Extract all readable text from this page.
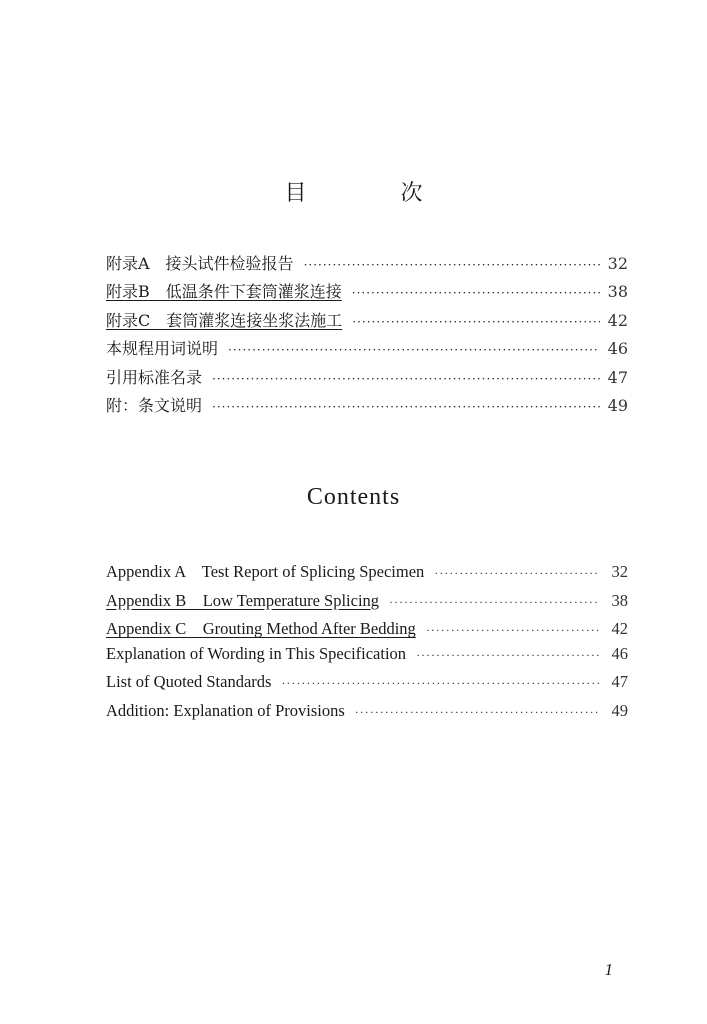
目　次
附录A　接头试件检验报告 ·····	32
附录B　低温条件下套筒灌浆连接 ·····	38
附录C　套筒灌浆连接坐浆法施工 ·····	42
本规程用词说明 ·····	46
引用标准名录 ·····	47
附：条文说明 ·····	49
Contents
Appendix A　Test Report of Splicing Specimen ·····	32
Appendix B　Low Temperature Splicing ·····	38
Appendix C　Grouting Method After Bedding ·····	42
Explanation of Wording in This Specification ·····	46
List of Quoted Standards ·····	47
Addition: Explanation of Provisions ·····	49
1
